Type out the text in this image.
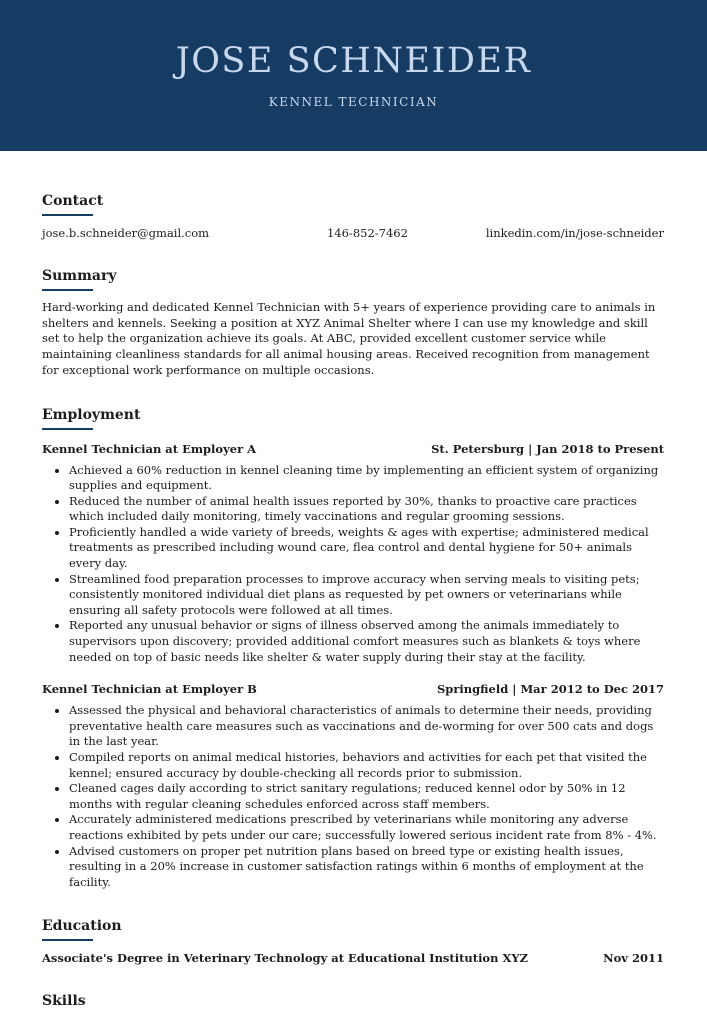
JOSE SCHNEIDER
KENNEL TECHNICIAN
Contact
jose.b.schneider@gmail.com	146-852-7462	linkedin.com/in/jose-schneider
Summary
Hard-working and dedicated Kennel Technician with 5+ years of experience providing care to animals in shelters and kennels. Seeking a position at XYZ Animal Shelter where I can use my knowledge and skill set to help the organization achieve its goals. At ABC, provided excellent customer service while maintaining cleanliness standards for all animal housing areas. Received recognition from management for exceptional work performance on multiple occasions.
Employment
Kennel Technician at Employer A	St. Petersburg | Jan 2018 to Present
• Achieved a 60% reduction in kennel cleaning time by implementing an efficient system of organizing supplies and equipment.
• Reduced the number of animal health issues reported by 30%, thanks to proactive care practices which included daily monitoring, timely vaccinations and regular grooming sessions.
• Proficiently handled a wide variety of breeds, weights & ages with expertise; administered medical treatments as prescribed including wound care, flea control and dental hygiene for 50+ animals every day.
• Streamlined food preparation processes to improve accuracy when serving meals to visiting pets; consistently monitored individual diet plans as requested by pet owners or veterinarians while ensuring all safety protocols were followed at all times.
• Reported any unusual behavior or signs of illness observed among the animals immediately to supervisors upon discovery; provided additional comfort measures such as blankets & toys where needed on top of basic needs like shelter & water supply during their stay at the facility.
Kennel Technician at Employer B	Springfield | Mar 2012 to Dec 2017
• Assessed the physical and behavioral characteristics of animals to determine their needs, providing preventative health care measures such as vaccinations and de-worming for over 500 cats and dogs in the last year.
• Compiled reports on animal medical histories, behaviors and activities for each pet that visited the kennel; ensured accuracy by double-checking all records prior to submission.
• Cleaned cages daily according to strict sanitary regulations; reduced kennel odor by 50% in 12 months with regular cleaning schedules enforced across staff members.
• Accurately administered medications prescribed by veterinarians while monitoring any adverse reactions exhibited by pets under our care; successfully lowered serious incident rate from 8% - 4%.
• Advised customers on proper pet nutrition plans based on breed type or existing health issues, resulting in a 20% increase in customer satisfaction ratings within 6 months of employment at the facility.
Education
Associate's Degree in Veterinary Technology at Educational Institution XYZ	Nov 2011
Skills
